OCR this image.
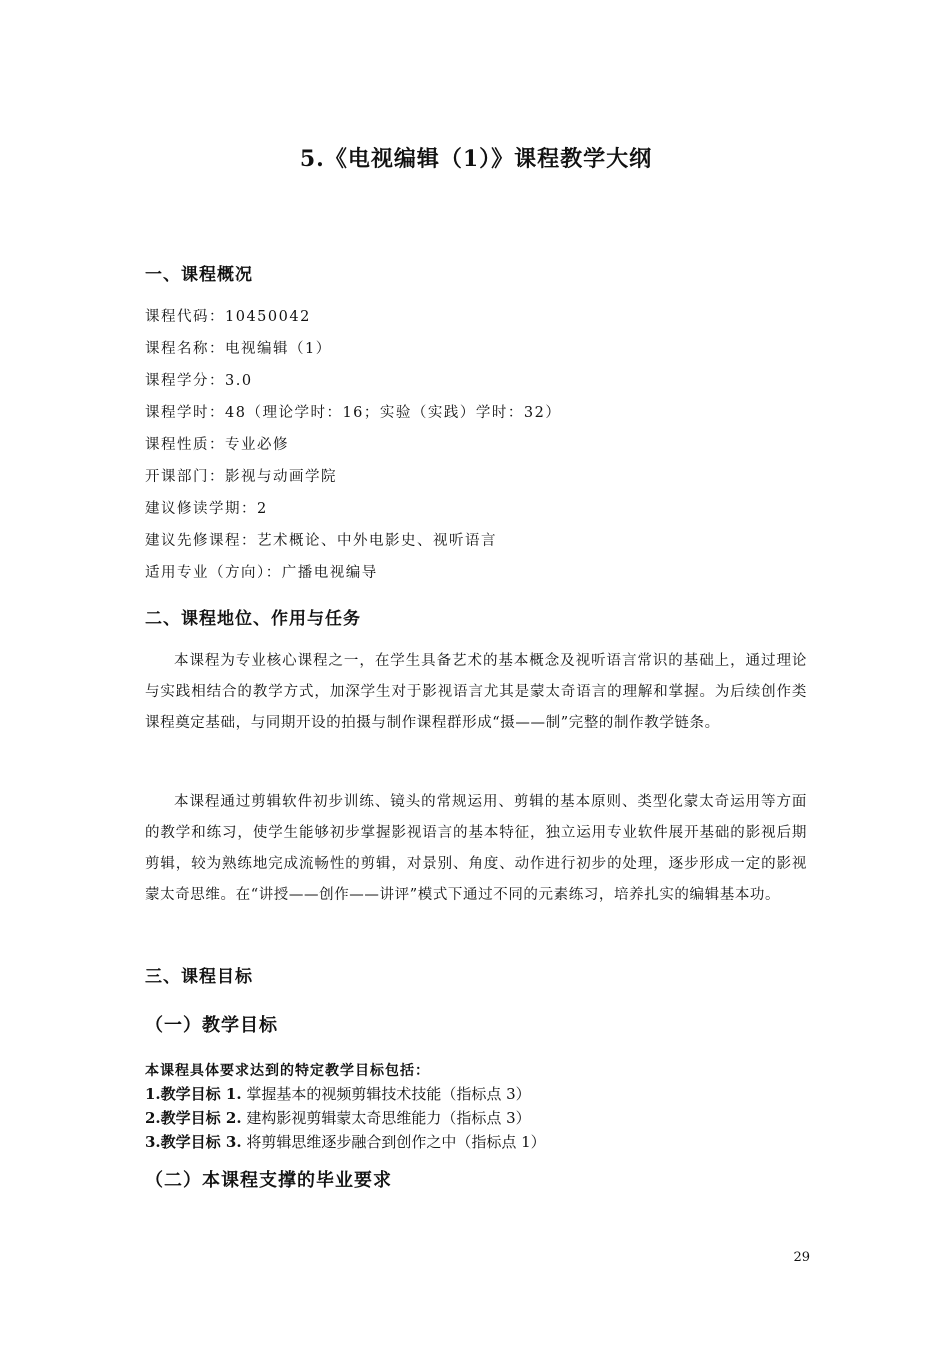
5.《电视编辑（1）》课程教学大纲
一、课程概况
课程代码：10450042
课程名称：电视编辑（1）
课程学分：3.0
课程学时：48（理论学时：16；实验（实践）学时：32）
课程性质：专业必修
开课部门：影视与动画学院
建议修读学期：2
建议先修课程：艺术概论、中外电影史、视听语言
适用专业（方向）：广播电视编导
二、课程地位、作用与任务

本课程为专业核心课程之一，在学生具备艺术的基本概念及视听语言常识的基础上，通过理论与实践相结合的教学方式，加深学生对于影视语言尤其是蒙太奇语言的理解和掌握。为后续创作类课程奠定基础，与同期开设的拍摄与制作课程群形成“摄——制”完整的制作教学链条。

本课程通过剪辑软件初步训练、镜头的常规运用、剪辑的基本原则、类型化蒙太奇运用等方面的教学和练习，使学生能够初步掌握影视语言的基本特征，独立运用专业软件展开基础的影视后期剪辑，较为熟练地完成流畅性的剪辑，对景别、角度、动作进行初步的处理，逐步形成一定的影视蒙太奇思维。在“讲授——创作——讲评”模式下通过不同的元素练习，培养扎实的编辑基本功。

三、课程目标
（一）教学目标
本课程具体要求达到的特定教学目标包括：
1.教学目标 1. 掌握基本的视频剪辑技术技能（指标点 3）
2.教学目标 2. 建构影视剪辑蒙太奇思维能力（指标点 3）
3.教学目标 3. 将剪辑思维逐步融合到创作之中（指标点 1）
（二）本课程支撑的毕业要求
29
